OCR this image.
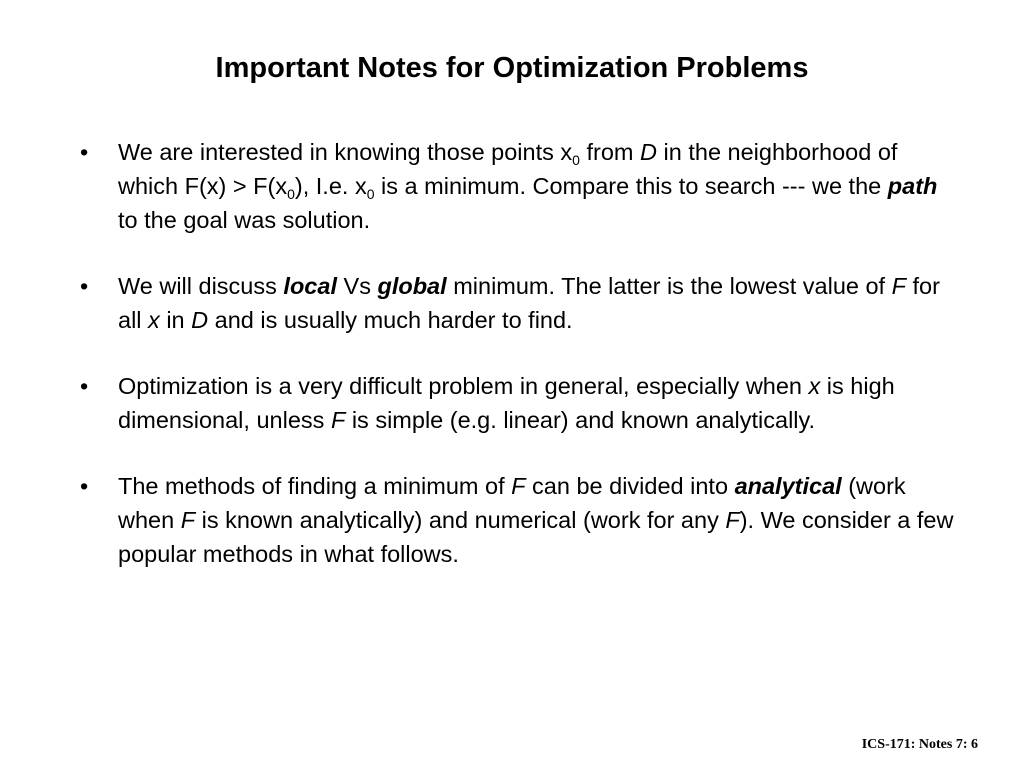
Important Notes for Optimization Problems
• We are interested in knowing those points $x_0$ from D in the neighborhood of which $F(x) > F(x_0)$, I.e. $x_0$ is a minimum. Compare this to search --- we the path to the goal was solution.
• We will discuss local Vs global minimum. The latter is the lowest value of F for all x in D and is usually much harder to find.
• Optimization is a very difficult problem in general, especially when x is high dimensional, unless F is simple (e.g. linear) and known analytically.
• The methods of finding a minimum of F can be divided into analytical (work when F is known analytically) and numerical (work for any F). We consider a few popular methods in what follows.
ICS-171: Notes 7: 6
